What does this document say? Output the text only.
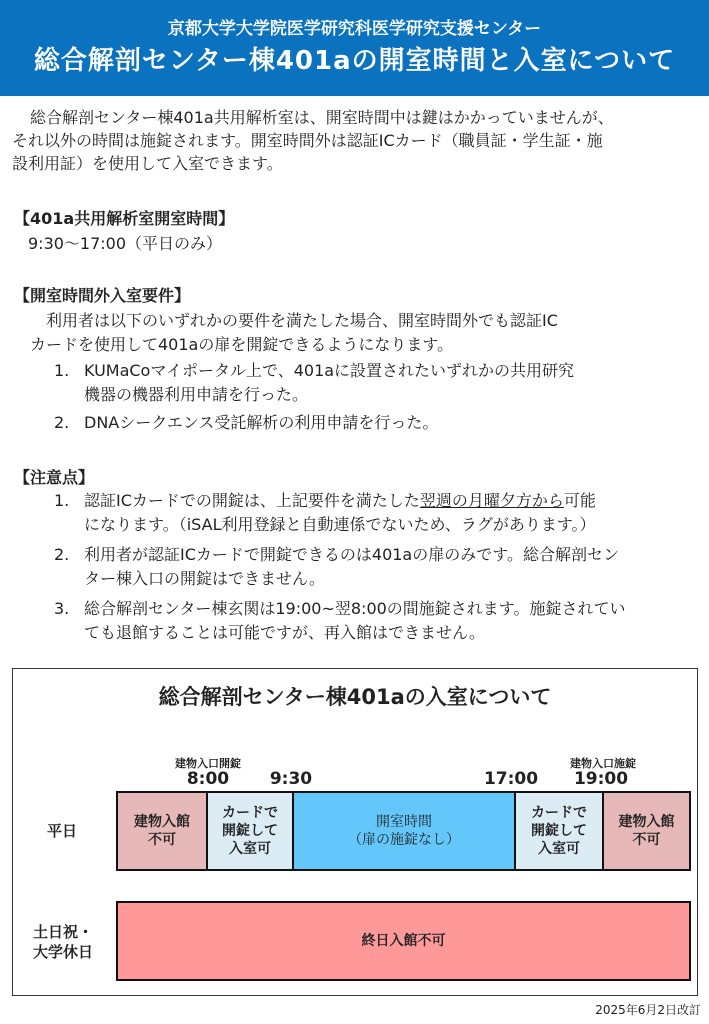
京都大学大学院医学研究科医学研究支援センター
総合解剖センター棟401aの開室時間と入室について
総合解剖センター棟401a共用解析室は、開室時間中は鍵はかかっていませんが、
それ以外の時間は施錠されます。開室時間外は認証ICカード（職員証・学生証・施
設利用証）を使用して入室できます。
【401a共用解析室開室時間】
9:30～17:00（平日のみ）
【開室時間外入室要件】
利用者は以下のいずれかの要件を満たした場合、開室時間外でも認証IC
カードを使用して401aの扉を開錠できるようになります。
1. KUMaCoマイポータル上で、401aに設置されたいずれかの共用研究
機器の機器利用申請を行った。
2. DNAシークエンス受託解析の利用申請を行った。
【注意点】
1. 認証ICカードでの開錠は、上記要件を満たした翌週の月曜夕方から可能
になります。（iSAL利用登録と自動連係でないため、ラグがあります。）
2. 利用者が認証ICカードで開錠できるのは401aの扉のみです。総合解剖セン
ター棟入口の開錠はできません。
3. 総合解剖センター棟玄関は19:00~翌8:00の間施錠されます。施錠されてい
ても退館することは可能ですが、再入館はできません。
総合解剖センター棟401aの入室について
建物入口開錠	建物入口施錠
8:00	9:30	17:00 19:00
平日	建物入館
不可
カードで
開錠して
入室可
開室時間
（扉の施錠なし）
カードで
開錠して
入室可
建物入館
不可
土日祝・
大学休日
終日入館不可
2025年6月2日改訂
